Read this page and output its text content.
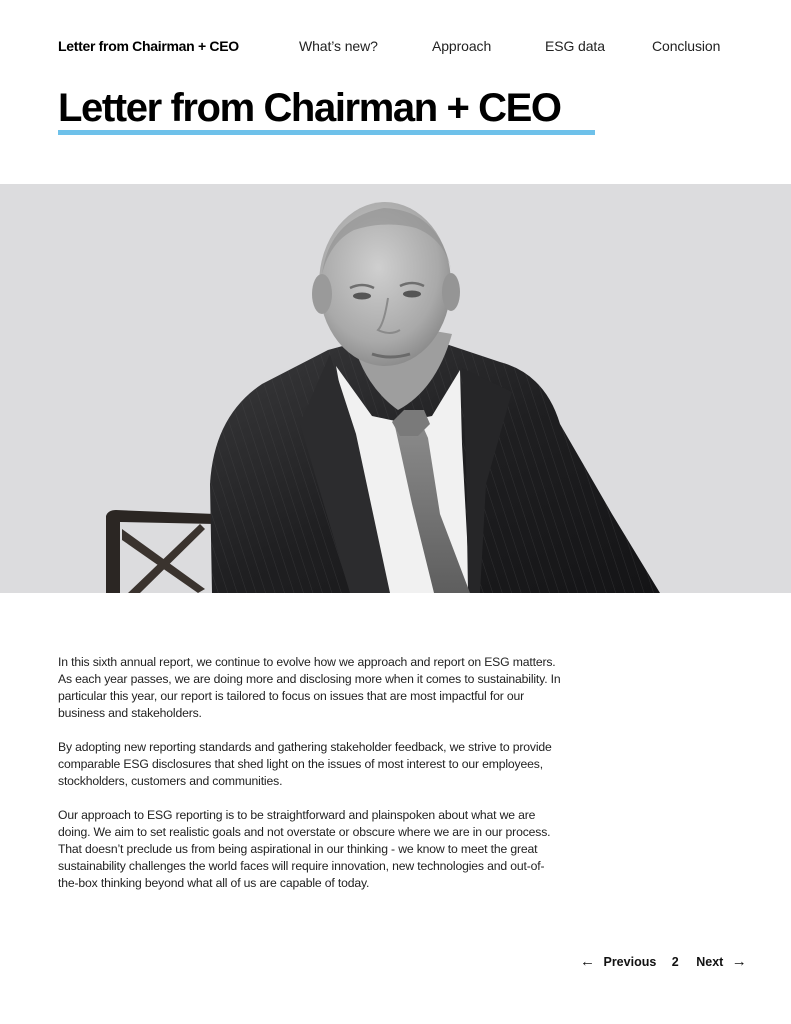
Letter from Chairman + CEO	What’s new?	Approach	ESG data	Conclusion
Letter from Chairman + CEO

In this sixth annual report, we continue to evolve how we approach and report on ESG matters. As each year passes, we are doing more and disclosing more when it comes to sustainability. In particular this year, our report is tailored to focus on issues that are most impactful for our business and stakeholders.

By adopting new reporting standards and gathering stakeholder feedback, we strive to provide comparable ESG disclosures that shed light on the issues of most interest to our employees, stockholders, customers and communities.

Our approach to ESG reporting is to be straightforward and plainspoken about what we are doing. We aim to set realistic goals and not overstate or obscure where we are in our process. That doesn’t preclude us from being aspirational in our thinking - we know to meet the great sustainability challenges the world faces will require innovation, new technologies and out-of-the-box thinking beyond what all of us are capable of today.

← Previous 2 Next →
